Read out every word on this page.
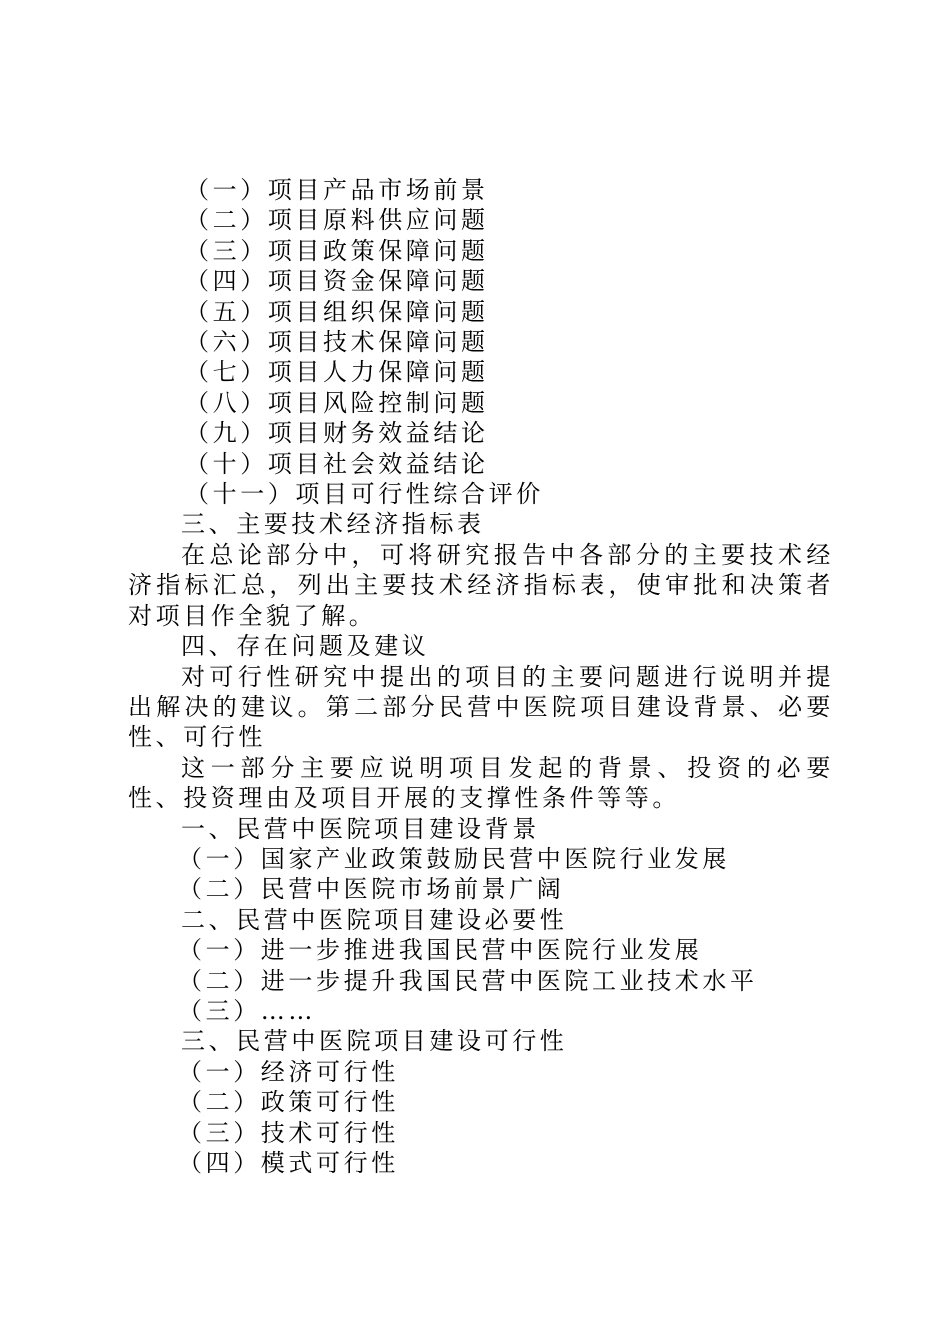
（一）项目产品市场前景

（二）项目原料供应问题

（三）项目政策保障问题

（四）项目资金保障问题

（五）项目组织保障问题

（六）项目技术保障问题

（七）项目人力保障问题

（八）项目风险控制问题

（九）项目财务效益结论

（十）项目社会效益结论

（十一）项目可行性综合评价

三、主要技术经济指标表

在总论部分中，可将研究报告中各部分的主要技术经济指标汇总，列出主要技术经济指标表，使审批和决策者对项目作全貌了解。

四、存在问题及建议

对可行性研究中提出的项目的主要问题进行说明并提出解决的建议。第二部分民营中医院项目建设背景、必要性、可行性

这一部分主要应说明项目发起的背景、投资的必要性、投资理由及项目开展的支撑性条件等等。

一、民营中医院项目建设背景

（一）国家产业政策鼓励民营中医院行业发展

（二）民营中医院市场前景广阔

二、民营中医院项目建设必要性

（一）进一步推进我国民营中医院行业发展

（二）进一步提升我国民营中医院工业技术水平

（三）……

三、民营中医院项目建设可行性

（一）经济可行性

（二）政策可行性

（三）技术可行性

（四）模式可行性
